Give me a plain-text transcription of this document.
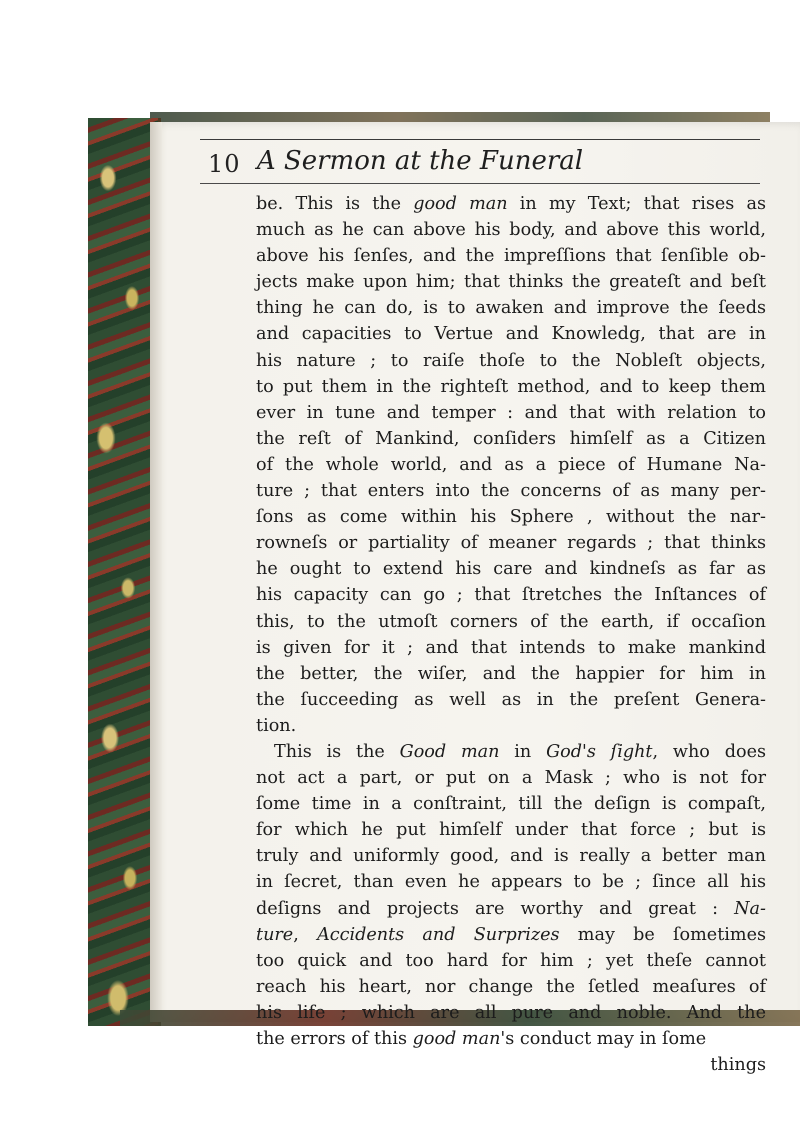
10 A Sermon at the Funeral
be. This is the good man in my Text; that rises as
much as he can above his body, and above this world,
above his ſenſes, and the impreſſions that ſenſible ob-
jects make upon him; that thinks the greateſt and beſt
thing he can do, is to awaken and improve the ſeeds
and capacities to Vertue and Knowledg, that are in
his nature ; to raiſe thoſe to the Nobleſt objects,
to put them in the righteſt method, and to keep them
ever in tune and temper : and that with relation to
the reſt of Mankind, conſiders himſelf as a Citizen
of the whole world, and as a piece of Humane Na-
ture ; that enters into the concerns of as many per-
ſons as come within his Sphere , without the nar-
rowneſs or partiality of meaner regards ; that thinks
he ought to extend his care and kindneſs as far as
his capacity can go ; that ſtretches the Inſtances of
this, to the utmoſt corners of the earth, if occaſion
is given for it ; and that intends to make mankind
the better, the wiſer, and the happier for him in
the ſucceeding as well as in the preſent Genera-
tion.
This is the Good man in God's ſight, who does
not act a part, or put on a Mask ; who is not for
ſome time in a conſtraint, till the deſign is compaſt,
for which he put himſelf under that force ; but is
truly and uniformly good, and is really a better man
in ſecret, than even he appears to be ; ſince all his
deſigns and projects are worthy and great : Na-
ture, Accidents and Surprizes may be ſometimes
too quick and too hard for him ; yet theſe cannot
reach his heart, nor change the ſetled meaſures of
his life ; which are all pure and noble. And the
the errors of this good man's conduct may in ſome
things
